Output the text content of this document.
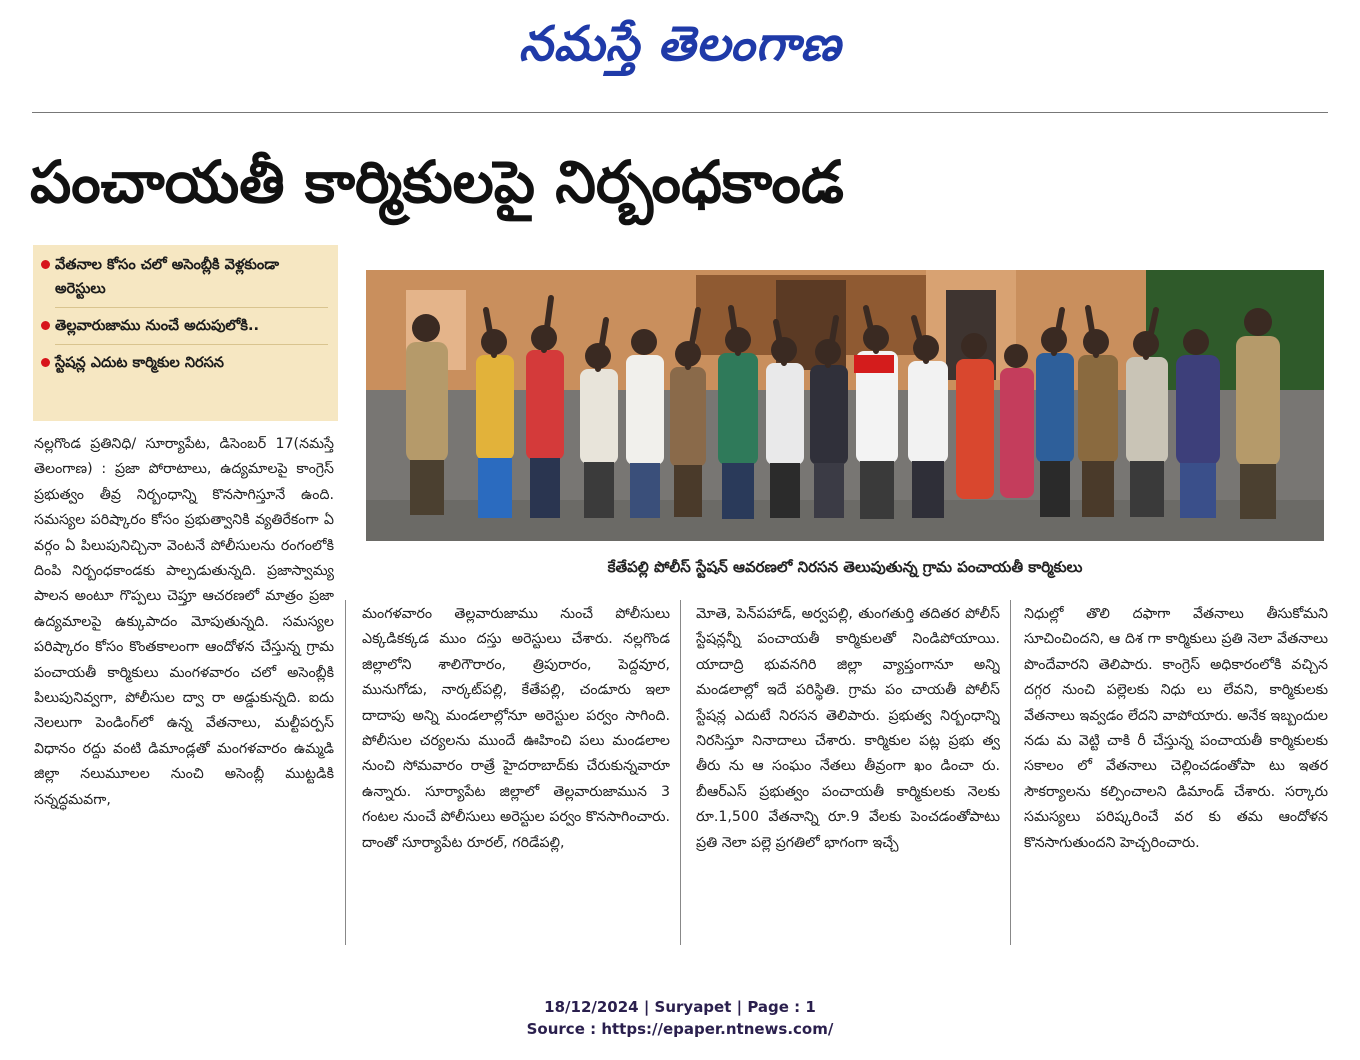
నమస్తే తెలంగాణ
పంచాయతీ కార్మికులపై నిర్బంధకాండ
వేతనాల కోసం చలో అసెంబ్లీకి వెళ్లకుండా అరెస్టులు
తెల్లవారుజాము నుంచే అదుపులోకి..
స్టేషన్ల ఎదుట కార్మికుల నిరసన
కేతేపల్లి పోలీస్ స్టేషన్ ఆవరణలో నిరసన తెలుపుతున్న గ్రామ పంచాయతీ కార్మికులు

నల్లగొండ ప్రతినిధి/ సూర్యాపేట, డిసెంబర్ 17(నమస్తే తెలంగాణ) : ప్రజా పోరాటాలు, ఉద్యమాలపై కాంగ్రెస్ ప్రభుత్వం తీవ్ర నిర్బంధాన్ని కొనసాగిస్తూనే ఉంది. సమస్యల పరిష్కారం కోసం ప్రభుత్వానికి వ్యతిరేకంగా ఏ వర్గం ఏ పిలుపునిచ్చినా వెంటనే పోలీసులను రంగంలోకి దింపి నిర్బంధకాండకు పాల్పడుతున్నది. ప్రజాస్వామ్య పాలన అంటూ గొప్పలు చెప్తూ ఆచరణలో మాత్రం ప్రజా ఉద్యమాలపై ఉక్కుపాదం మోపుతున్నది. సమస్యల పరిష్కారం కోసం కొంతకాలంగా ఆందోళన చేస్తున్న గ్రామ పంచాయతీ కార్మికులు మంగళవారం చలో అసెంబ్లీకి పిలుపునివ్వగా, పోలీసుల ద్వా రా అడ్డుకున్నది. ఐదు నెలలుగా పెండింగ్‌లో ఉన్న వేతనాలు, మల్టీపర్పస్ విధానం రద్దు వంటి డిమాండ్లతో మంగళవారం ఉమ్మడి జిల్లా నలుమూలల నుంచి అసెంబ్లీ ముట్టడికి సన్నద్ధమవగా,

మంగళవారం తెల్లవారుజాము నుంచే పోలీసులు ఎక్కడికక్కడ ముం దస్తు అరెస్టులు చేశారు. నల్లగొండ జిల్లాలోని శాలిగౌరారం, త్రిపురారం, పెద్దవూర, మునుగోడు, నార్కట్‌పల్లి, కేతేపల్లి, చండూరు ఇలా దాదాపు అన్ని మండలాల్లోనూ అరెస్టుల పర్వం సాగింది. పోలీసుల చర్యలను ముందే ఊహించి పలు మండలాల నుంచి సోమవారం రాత్రే హైదరాబాద్‌కు చేరుకున్నవారూ ఉన్నారు. సూర్యాపేట జిల్లాలో తెల్లవారుజామున 3 గంటల నుంచే పోలీసులు అరెస్టుల పర్వం కొనసాగించారు. దాంతో సూర్యాపేట రూరల్, గరిడేపల్లి,

మోతె, పెన్‌పహాడ్, అర్వపల్లి, తుంగతుర్తి తదితర పోలీస్ స్టేషన్లన్నీ పంచాయతీ కార్మికులతో నిండిపోయాయి. యాదాద్రి భువనగిరి జిల్లా వ్యాప్తంగానూ అన్ని మండలాల్లో ఇదే పరిస్థితి. గ్రామ పం చాయతీ పోలీస్ స్టేషన్ల ఎదుటే నిరసన తెలిపారు. ప్రభుత్వ నిర్బంధాన్ని నిరసిస్తూ నినాదాలు చేశారు. కార్మికుల పట్ల ప్రభు త్వ తీరు ను ఆ సంఘం నేతలు తీవ్రంగా ఖం డించా రు. బీఆర్ఎస్ ప్రభుత్వం పంచాయతీ కార్మికులకు నెలకు రూ.1,500 వేతనాన్ని రూ.9 వేలకు పెంచడంతోపాటు ప్రతి నెలా పల్లె ప్రగతిలో భాగంగా ఇచ్చే

నిధుల్లో తొలి దఫాగా వేతనాలు తీసుకోమని సూచించిందని, ఆ దిశ గా కార్మికులు ప్రతి నెలా వేతనాలు పొందేవారని తెలిపారు. కాంగ్రెస్ అధికారంలోకి వచ్చిన దగ్గర నుంచి పల్లెలకు నిధు లు లేవని, కార్మికులకు వేతనాలు ఇవ్వడం లేదని వాపోయారు. అనేక ఇబ్బందుల నడు మ వెట్టి చాకి రీ చేస్తున్న పంచాయతీ కార్మికులకు సకాలం లో వేతనాలు చెల్లించడంతోపా టు ఇతర సౌకర్యాలను కల్పించాలని డిమాండ్ చేశారు. సర్కారు సమస్యలు పరిష్కరించే వర కు తమ ఆందోళన కొనసాగుతుందని హెచ్చరించారు.

18/12/2024 | Suryapet | Page : 1
Source : https://epaper.ntnews.com/
